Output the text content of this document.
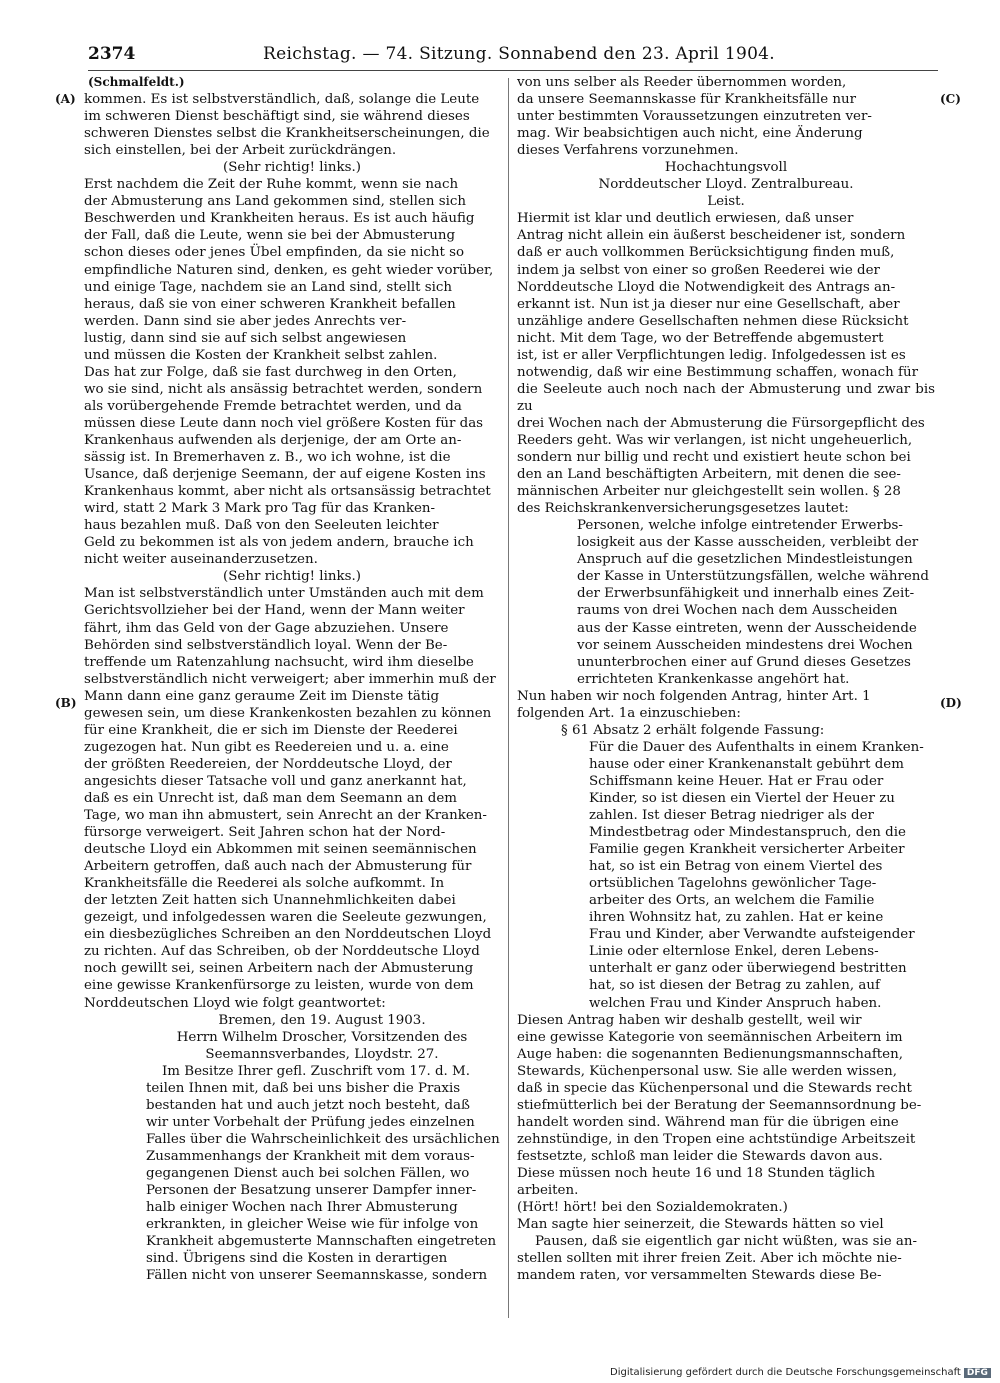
2374	Reichstag. — 74. Sitzung. Sonnabend den 23. April 1904.
(A)
(B)
(C)
(D)

(Schmalfeldt.)

kommen. Es ist selbstverständlich, daß, solange die Leute

im schweren Dienst beschäftigt sind, sie während dieses

schweren Dienstes selbst die Krankheitserscheinungen, die

sich einstellen, bei der Arbeit zurückdrängen.

(Sehr richtig! links.)

Erst nachdem die Zeit der Ruhe kommt, wenn sie nach

der Abmusterung ans Land gekommen sind, stellen sich

Beschwerden und Krankheiten heraus. Es ist auch häufig

der Fall, daß die Leute, wenn sie bei der Abmusterung

schon dieses oder jenes Übel empfinden, da sie nicht so

empfindliche Naturen sind, denken, es geht wieder vorüber,

und einige Tage, nachdem sie an Land sind, stellt sich

heraus, daß sie von einer schweren Krankheit befallen

werden. Dann sind sie aber jedes Anrechts ver-

lustig, dann sind sie auf sich selbst angewiesen

und müssen die Kosten der Krankheit selbst zahlen.

Das hat zur Folge, daß sie fast durchweg in den Orten,

wo sie sind, nicht als ansässig betrachtet werden, sondern

als vorübergehende Fremde betrachtet werden, und da

müssen diese Leute dann noch viel größere Kosten für das

Krankenhaus aufwenden als derjenige, der am Orte an-

sässig ist. In Bremerhaven z. B., wo ich wohne, ist die

Usance, daß derjenige Seemann, der auf eigene Kosten ins

Krankenhaus kommt, aber nicht als ortsansässig betrachtet

wird, statt 2 Mark 3 Mark pro Tag für das Kranken-

haus bezahlen muß. Daß von den Seeleuten leichter

Geld zu bekommen ist als von jedem andern, brauche ich

nicht weiter auseinanderzusetzen.

(Sehr richtig! links.)

Man ist selbstverständlich unter Umständen auch mit dem

Gerichtsvollzieher bei der Hand, wenn der Mann weiter

fährt, ihm das Geld von der Gage abzuziehen. Unsere

Behörden sind selbstverständlich loyal. Wenn der Be-

treffende um Ratenzahlung nachsucht, wird ihm dieselbe

selbstverständlich nicht verweigert; aber immerhin muß der

Mann dann eine ganz geraume Zeit im Dienste tätig

gewesen sein, um diese Krankenkosten bezahlen zu können

für eine Krankheit, die er sich im Dienste der Reederei

zugezogen hat. Nun gibt es Reedereien und u. a. eine

der größten Reedereien, der Norddeutsche Lloyd, der

angesichts dieser Tatsache voll und ganz anerkannt hat,

daß es ein Unrecht ist, daß man dem Seemann an dem

Tage, wo man ihn abmustert, sein Anrecht an der Kranken-

fürsorge verweigert. Seit Jahren schon hat der Nord-

deutsche Lloyd ein Abkommen mit seinen seemännischen

Arbeitern getroffen, daß auch nach der Abmusterung für

Krankheitsfälle die Reederei als solche aufkommt. In

der letzten Zeit hatten sich Unannehmlichkeiten dabei

gezeigt, und infolgedessen waren die Seeleute gezwungen,

ein diesbezügliches Schreiben an den Norddeutschen Lloyd

zu richten. Auf das Schreiben, ob der Norddeutsche Lloyd

noch gewillt sei, seinen Arbeitern nach der Abmusterung

eine gewisse Krankenfürsorge zu leisten, wurde von dem

Norddeutschen Lloyd wie folgt geantwortet:

Bremen, den 19. August 1903.

Herrn Wilhelm Droscher, Vorsitzenden des

Seemannsverbandes, Lloydstr. 27.

Im Besitze Ihrer gefl. Zuschrift vom 17. d. M.

teilen Ihnen mit, daß bei uns bisher die Praxis

bestanden hat und auch jetzt noch besteht, daß

wir unter Vorbehalt der Prüfung jedes einzelnen

Falles über die Wahrscheinlichkeit des ursächlichen

Zusammenhangs der Krankheit mit dem voraus-

gegangenen Dienst auch bei solchen Fällen, wo

Personen der Besatzung unserer Dampfer inner-

halb einiger Wochen nach Ihrer Abmusterung

erkrankten, in gleicher Weise wie für infolge von

Krankheit abgemusterte Mannschaften eingetreten

sind. Übrigens sind die Kosten in derartigen

Fällen nicht von unserer Seemannskasse, sondern

von uns selber als Reeder übernommen worden,

da unsere Seemannskasse für Krankheitsfälle nur

unter bestimmten Voraussetzungen einzutreten ver-

mag. Wir beabsichtigen auch nicht, eine Änderung

dieses Verfahrens vorzunehmen.

Hochachtungsvoll

Norddeutscher Lloyd. Zentralbureau.

Leist.

Hiermit ist klar und deutlich erwiesen, daß unser

Antrag nicht allein ein äußerst bescheidener ist, sondern

daß er auch vollkommen Berücksichtigung finden muß,

indem ja selbst von einer so großen Reederei wie der

Norddeutsche Lloyd die Notwendigkeit des Antrags an-

erkannt ist. Nun ist ja dieser nur eine Gesellschaft, aber

unzählige andere Gesellschaften nehmen diese Rücksicht

nicht. Mit dem Tage, wo der Betreffende abgemustert

ist, ist er aller Verpflichtungen ledig. Infolgedessen ist es

notwendig, daß wir eine Bestimmung schaffen, wonach für

die Seeleute auch noch nach der Abmusterung und zwar bis zu

drei Wochen nach der Abmusterung die Fürsorgepflicht des

Reeders geht. Was wir verlangen, ist nicht ungeheuerlich,

sondern nur billig und recht und existiert heute schon bei

den an Land beschäftigten Arbeitern, mit denen die see-

männischen Arbeiter nur gleichgestellt sein wollen. § 28

des Reichskrankenversicherungsgesetzes lautet:

Personen, welche infolge eintretender Erwerbs-

losigkeit aus der Kasse ausscheiden, verbleibt der

Anspruch auf die gesetzlichen Mindestleistungen

der Kasse in Unterstützungsfällen, welche während

der Erwerbsunfähigkeit und innerhalb eines Zeit-

raums von drei Wochen nach dem Ausscheiden

aus der Kasse eintreten, wenn der Ausscheidende

vor seinem Ausscheiden mindestens drei Wochen

ununterbrochen einer auf Grund dieses Gesetzes

errichteten Krankenkasse angehört hat.

Nun haben wir noch folgenden Antrag, hinter Art. 1

folgenden Art. 1a einzuschieben:

§ 61 Absatz 2 erhält folgende Fassung:

Für die Dauer des Aufenthalts in einem Kranken-

hause oder einer Krankenanstalt gebührt dem

Schiffsmann keine Heuer. Hat er Frau oder

Kinder, so ist diesen ein Viertel der Heuer zu

zahlen. Ist dieser Betrag niedriger als der

Mindestbetrag oder Mindestanspruch, den die

Familie gegen Krankheit versicherter Arbeiter

hat, so ist ein Betrag von einem Viertel des

ortsüblichen Tagelohns gewönlicher Tage-

arbeiter des Orts, an welchem die Familie

ihren Wohnsitz hat, zu zahlen. Hat er keine

Frau und Kinder, aber Verwandte aufsteigender

Linie oder elternlose Enkel, deren Lebens-

unterhalt er ganz oder überwiegend bestritten

hat, so ist diesen der Betrag zu zahlen, auf

welchen Frau und Kinder Anspruch haben.

Diesen Antrag haben wir deshalb gestellt, weil wir

eine gewisse Kategorie von seemännischen Arbeitern im

Auge haben: die sogenannten Bedienungsmannschaften,

Stewards, Küchenpersonal usw. Sie alle werden wissen,

daß in specie das Küchenpersonal und die Stewards recht

stiefmütterlich bei der Beratung der Seemannsordnung be-

handelt worden sind. Während man für die übrigen eine

zehnstündige, in den Tropen eine achtstündige Arbeitszeit

festsetzte, schloß man leider die Stewards davon aus.

Diese müssen noch heute 16 und 18 Stunden täglich

arbeiten.

(Hört! hört! bei den Sozialdemokraten.)

Man sagte hier seinerzeit, die Stewards hätten so viel

Pausen, daß sie eigentlich gar nicht wüßten, was sie an-

stellen sollten mit ihrer freien Zeit. Aber ich möchte nie-

mandem raten, vor versammelten Stewards diese Be-

Digitalisierung gefördert durch die Deutsche Forschungsgemeinschaft DFG
